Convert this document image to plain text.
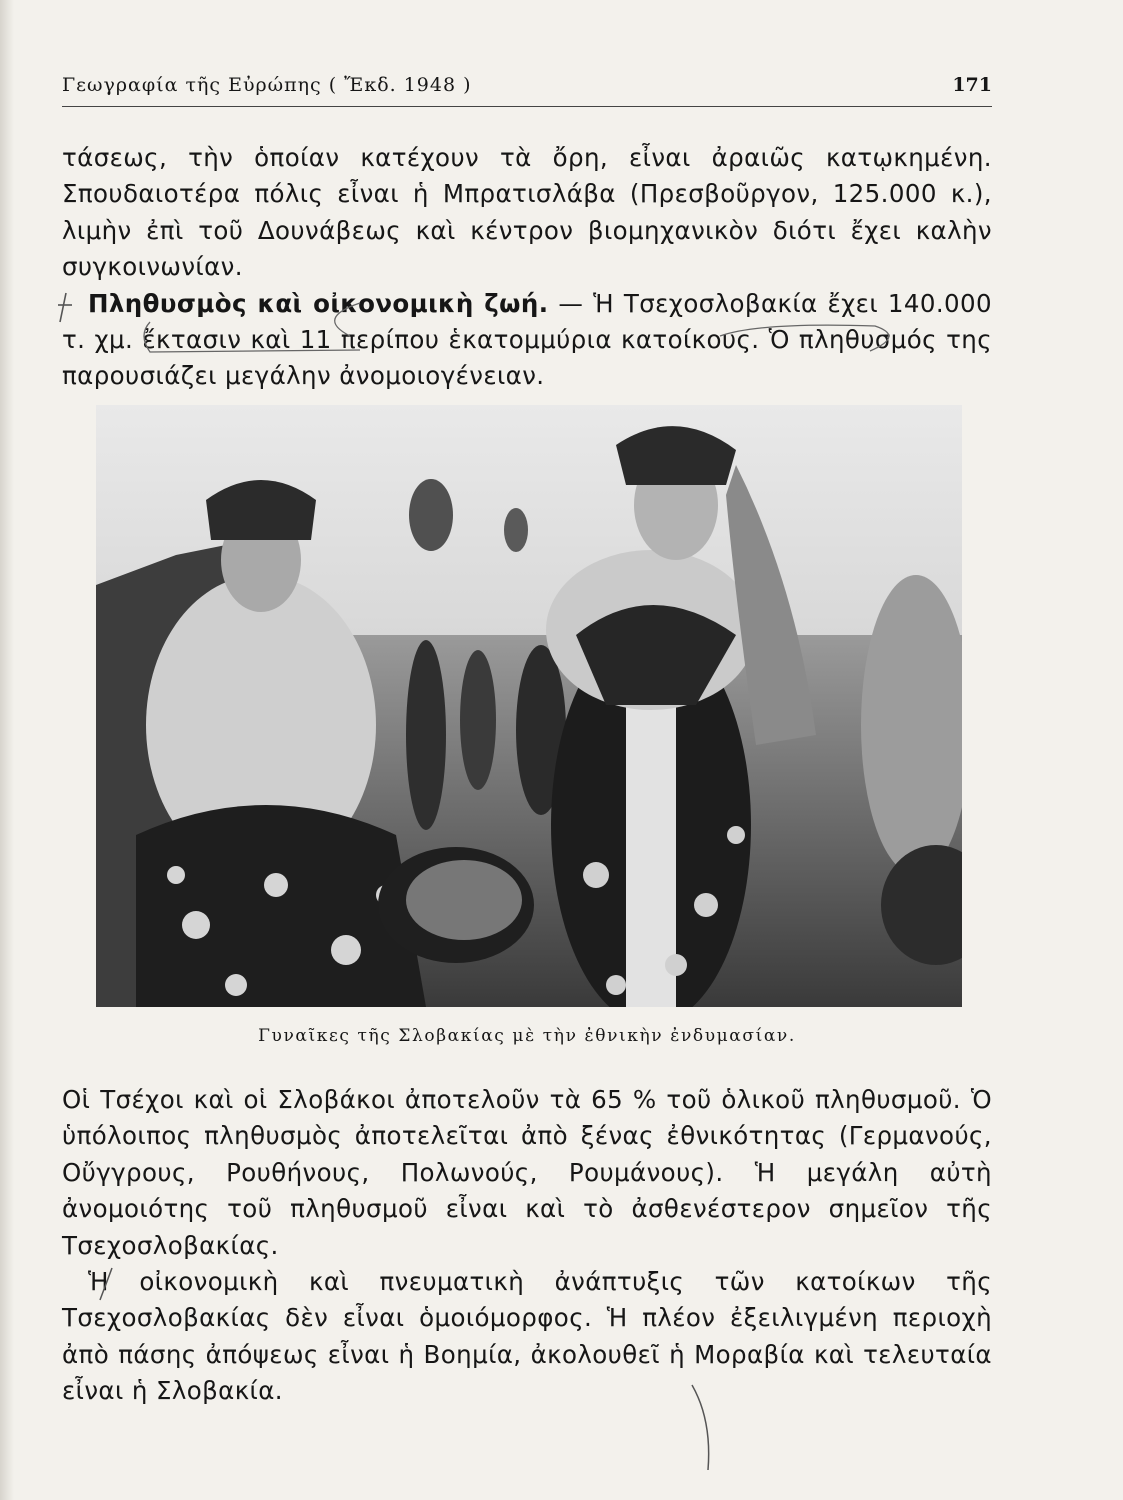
Γεωγραφία τῆς Εὐρώπης ( Ἔκδ. 1948 )	171

τάσεως, τὴν ὁποίαν κατέχουν τὰ ὄρη, εἶναι ἀραιῶς κατῳκημένη. Σπουδαιοτέρα πόλις εἶναι ἡ Μπρατισλάβα (Πρεσβοῦργον, 125.000 κ.), λιμὴν ἐπὶ τοῦ Δουνάβεως καὶ κέντρον βιομηχανικὸν διότι ἔχει καλὴν συγκοινωνίαν.
Πληθυσμὸς καὶ οἰκονομικὴ ζωή. — Ἡ Τσεχοσλοβακία ἔχει 140.000 τ. χμ. ἔκτασιν καὶ 11 περίπου ἑκατομμύρια κατοίκους. Ὁ πληθυσμός της παρουσιάζει μεγάλην ἀνομοιογένειαν.

Γυναῖκες τῆς Σλοβακίας μὲ τὴν ἐθνικὴν ἐνδυμασίαν.

Οἱ Τσέχοι καὶ οἱ Σλοβάκοι ἀποτελοῦν τὰ 65 % τοῦ ὁλικοῦ πληθυσμοῦ. Ὁ ὑπόλοιπος πληθυσμὸς ἀποτελεῖται ἀπὸ ξένας ἐθνικότητας (Γερμανούς, Οὔγγρους, Ρουθήνους, Πολωνούς, Ρουμάνους). Ἡ μεγάλη αὐτὴ ἀνομοιότης τοῦ πληθυσμοῦ εἶναι καὶ τὸ ἀσθενέστερον σημεῖον τῆς Τσεχοσλοβακίας.
Ἡ οἰκονομικὴ καὶ πνευματικὴ ἀνάπτυξις τῶν κατοίκων τῆς Τσεχοσλοβακίας δὲν εἶναι ὁμοιόμορφος. Ἡ πλέον ἐξειλιγμένη περιοχὴ ἀπὸ πάσης ἀπόψεως εἶναι ἡ Βοημία, ἀκολουθεῖ ἡ Μοραβία καὶ τελευταία εἶναι ἡ Σλοβακία.
